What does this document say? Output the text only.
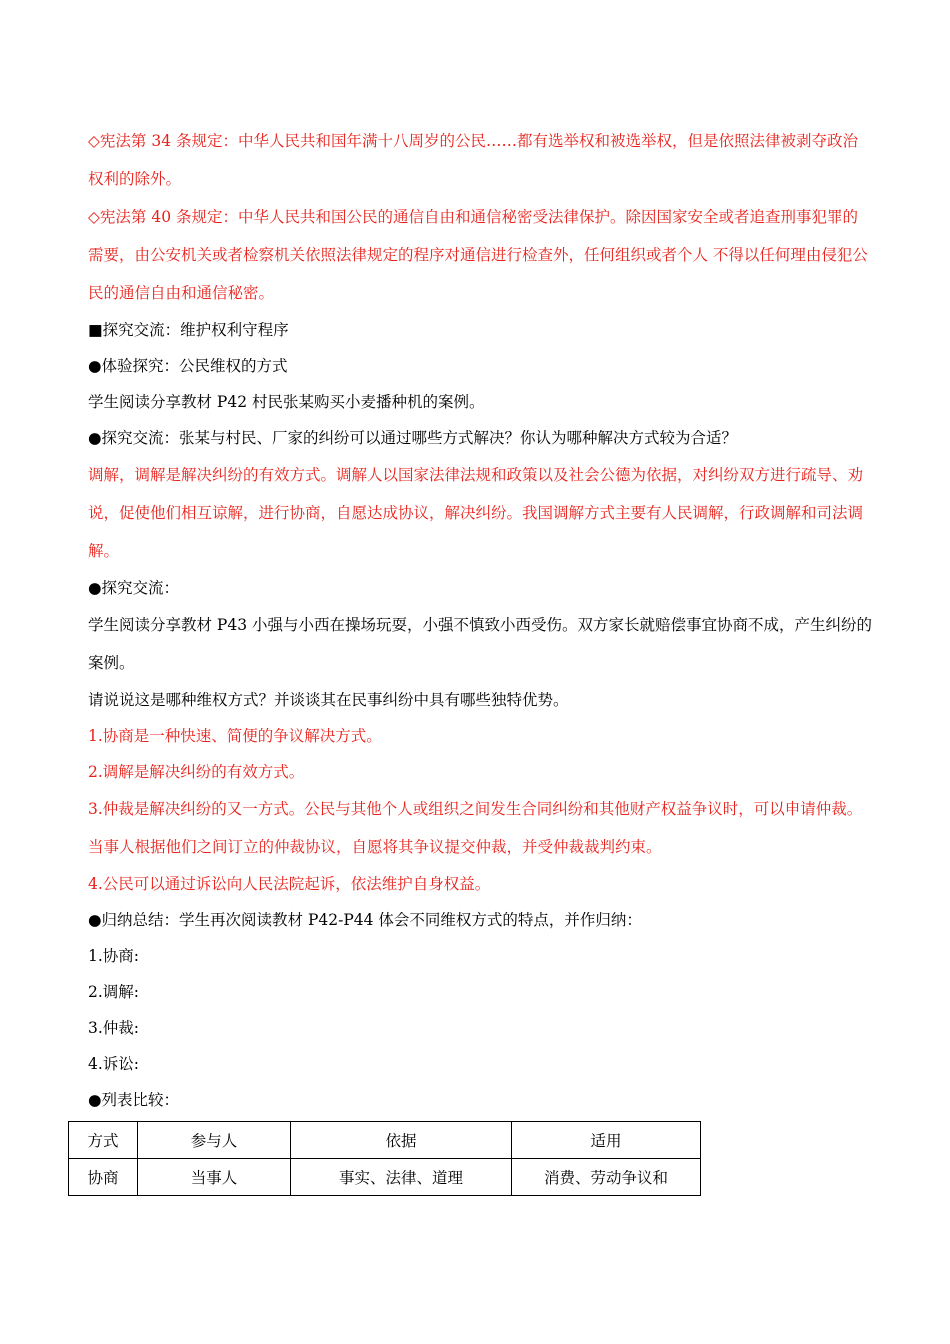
◇宪法第 34 条规定：中华人民共和国年满十八周岁的公民……都有选举权和被选举权，但是依照法律被剥夺政治权利的除外。

◇宪法第 40 条规定：中华人民共和国公民的通信自由和通信秘密受法律保护。除因国家安全或者追查刑事犯罪的需要，由公安机关或者检察机关依照法律规定的程序对通信进行检查外，任何组织或者个人 不得以任何理由侵犯公民的通信自由和通信秘密。

■探究交流：维护权利守程序

●体验探究：公民维权的方式

学生阅读分享教材 P42 村民张某购买小麦播种机的案例。

●探究交流：张某与村民、厂家的纠纷可以通过哪些方式解决？你认为哪种解决方式较为合适？

调解，调解是解决纠纷的有效方式。调解人以国家法律法规和政策以及社会公德为依据，对纠纷双方进行疏导、劝说，促使他们相互谅解，进行协商，自愿达成协议，解决纠纷。我国调解方式主要有人民调解，行政调解和司法调解。

●探究交流：

学生阅读分享教材 P43 小强与小西在操场玩耍，小强不慎致小西受伤。双方家长就赔偿事宜协商不成，产生纠纷的案例。

请说说这是哪种维权方式？并谈谈其在民事纠纷中具有哪些独特优势。

1.协商是一种快速、简便的争议解决方式。

2.调解是解决纠纷的有效方式。

3.仲裁是解决纠纷的又一方式。公民与其他个人或组织之间发生合同纠纷和其他财产权益争议时，可以申请仲裁。当事人根据他们之间订立的仲裁协议，自愿将其争议提交仲裁，并受仲裁裁判约束。

4.公民可以通过诉讼向人民法院起诉，依法维护自身权益。

●归纳总结：学生再次阅读教材 P42-P44 体会不同维权方式的特点，并作归纳：

1.协商:

2.调解:

3.仲裁:

4.诉讼:

●列表比较：

方式	参与人	依据	适用
协商	当事人	事实、法律、道理	消费、劳动争议和
